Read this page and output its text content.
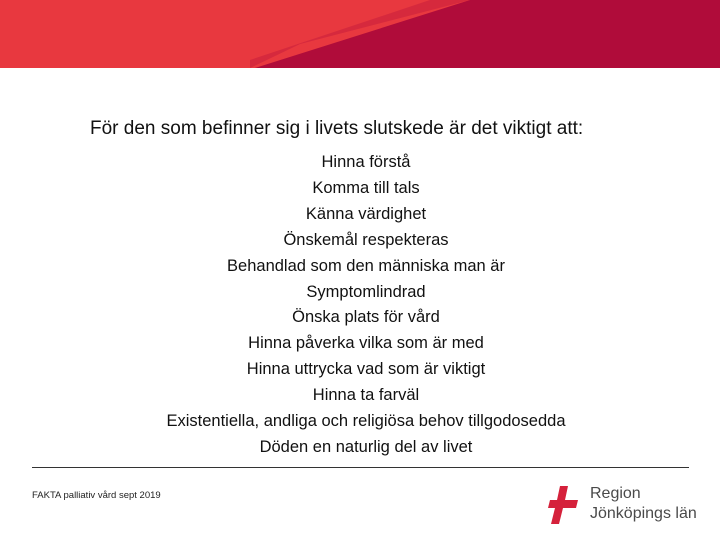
För den som befinner sig i livets slutskede är det viktigt att:
Hinna förstå
Komma till tals
Känna värdighet
Önskemål respekteras
Behandlad som den människa man är
Symptomlindrad
Önska plats för vård
Hinna påverka vilka som är med
Hinna uttrycka vad som är viktigt
Hinna ta farväl
Existentiella, andliga och religiösa behov tillgodosedda
Döden en naturlig del av livet
FAKTA palliativ vård sept 2019	Region
Jönköpings län
